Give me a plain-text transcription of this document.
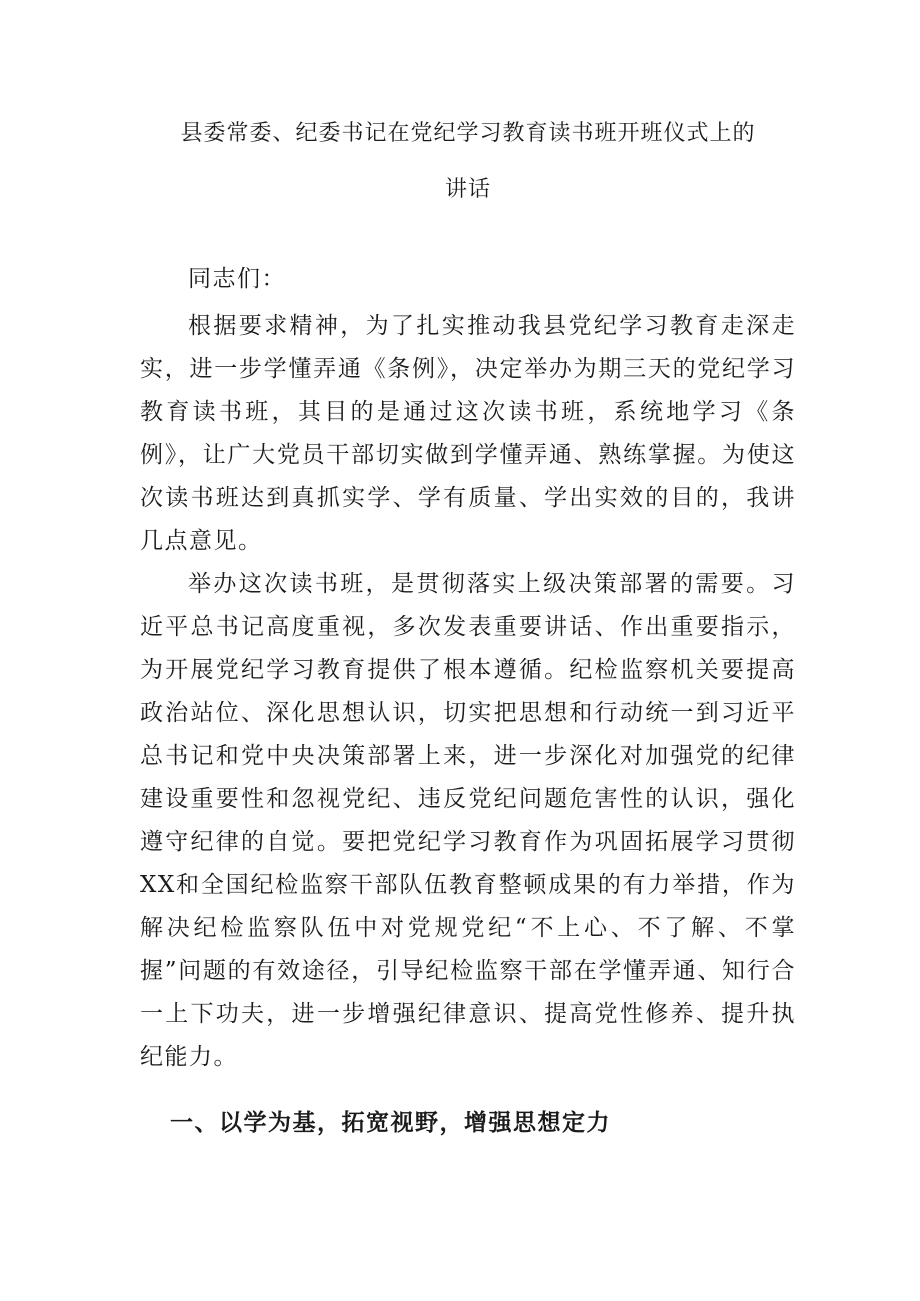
县委常委、纪委书记在党纪学习教育读书班开班仪式上的

讲话

同志们：

根据要求精神，为了扎实推动我县党纪学习教育走深走实，进一步学懂弄通《条例》，决定举办为期三天的党纪学习教育读书班，其目的是通过这次读书班，系统地学习《条例》，让广大党员干部切实做到学懂弄通、熟练掌握。为使这次读书班达到真抓实学、学有质量、学出实效的目的，我讲几点意见。

举办这次读书班，是贯彻落实上级决策部署的需要。习近平总书记高度重视，多次发表重要讲话、作出重要指示，为开展党纪学习教育提供了根本遵循。纪检监察机关要提高政治站位、深化思想认识，切实把思想和行动统一到习近平总书记和党中央决策部署上来，进一步深化对加强党的纪律建设重要性和忽视党纪、违反党纪问题危害性的认识，强化遵守纪律的自觉。要把党纪学习教育作为巩固拓展学习贯彻XX和全国纪检监察干部队伍教育整顿成果的有力举措，作为解决纪检监察队伍中对党规党纪“不上心、不了解、不掌握”问题的有效途径，引导纪检监察干部在学懂弄通、知行合一上下功夫，进一步增强纪律意识、提高党性修养、提升执纪能力。

一、以学为基，拓宽视野，增强思想定力
